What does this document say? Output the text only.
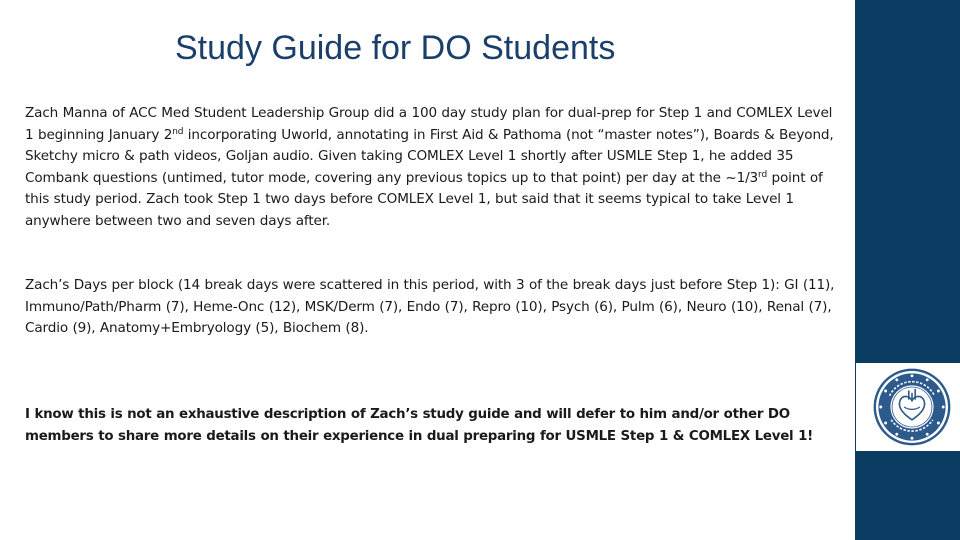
Study Guide for DO Students

Zach Manna of ACC Med Student Leadership Group did a 100 day study plan for dual-prep for Step 1 and COMLEX Level 1 beginning January 2nd incorporating Uworld, annotating in First Aid & Pathoma (not “master notes”), Boards & Beyond, Sketchy micro & path videos, Goljan audio. Given taking COMLEX Level 1 shortly after USMLE Step 1, he added 35 Combank questions (untimed, tutor mode, covering any previous topics up to that point) per day at the ~1/3rd point of this study period. Zach took Step 1 two days before COMLEX Level 1, but said that it seems typical to take Level 1 anywhere between two and seven days after.

Zach’s Days per block (14 break days were scattered in this period, with 3 of the break days just before Step 1): GI (11), Immuno/Path/Pharm (7), Heme-Onc (12), MSK/Derm (7), Endo (7), Repro (10), Psych (6), Pulm (6), Neuro (10), Renal (7), Cardio (9), Anatomy+Embryology (5), Biochem (8).

I know this is not an exhaustive description of Zach’s study guide and will defer to him and/or other DO members to share more details on their experience in dual preparing for USMLE Step 1 & COMLEX Level 1!
